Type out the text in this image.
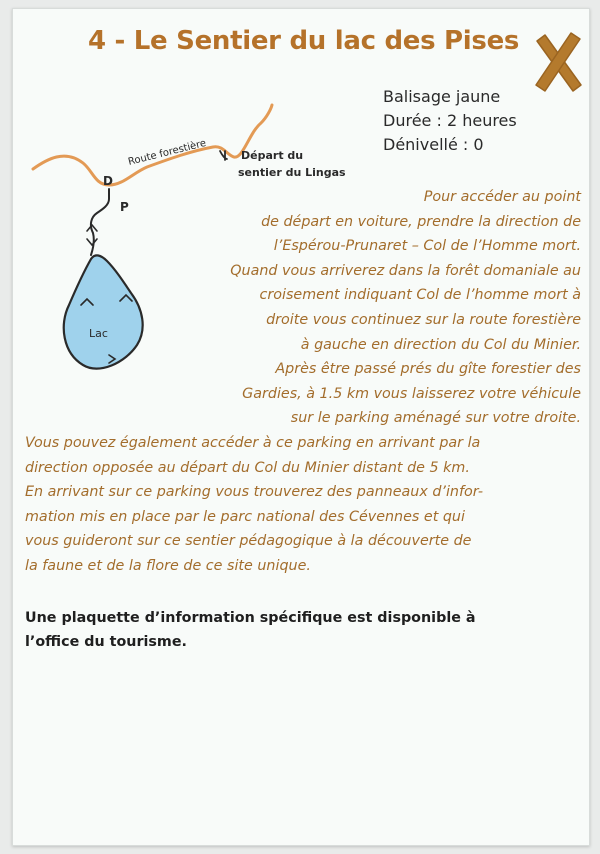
4 - Le Sentier du lac des Pises
Balisage jaune
Durée : 2 heures
Dénivellé : 0
Route forestière	Départ du
sentier du Lingas
D
P
Lac

Pour accéder au point
de départ en voiture, prendre la direction de
l’Espérou-Prunaret – Col de l’Homme mort.
Quand vous arriverez dans la forêt domaniale au
croisement indiquant Col de l’homme mort à
droite vous continuez sur la route forestière
à gauche en direction du Col du Minier.
Après être passé prés du gîte forestier des
Gardies, à 1.5 km vous laisserez votre véhicule
sur le parking aménagé sur votre droite.
Vous pouvez également accéder à ce parking en arrivant par la
direction opposée au départ du Col du Minier distant de 5 km.
En arrivant sur ce parking vous trouverez des panneaux d’infor-
mation mis en place par le parc national des Cévennes et qui
vous guideront sur ce sentier pédagogique à la découverte de
la faune et de la flore de ce site unique.

Une plaquette d’information spécifique est disponible à
l’office du tourisme.
